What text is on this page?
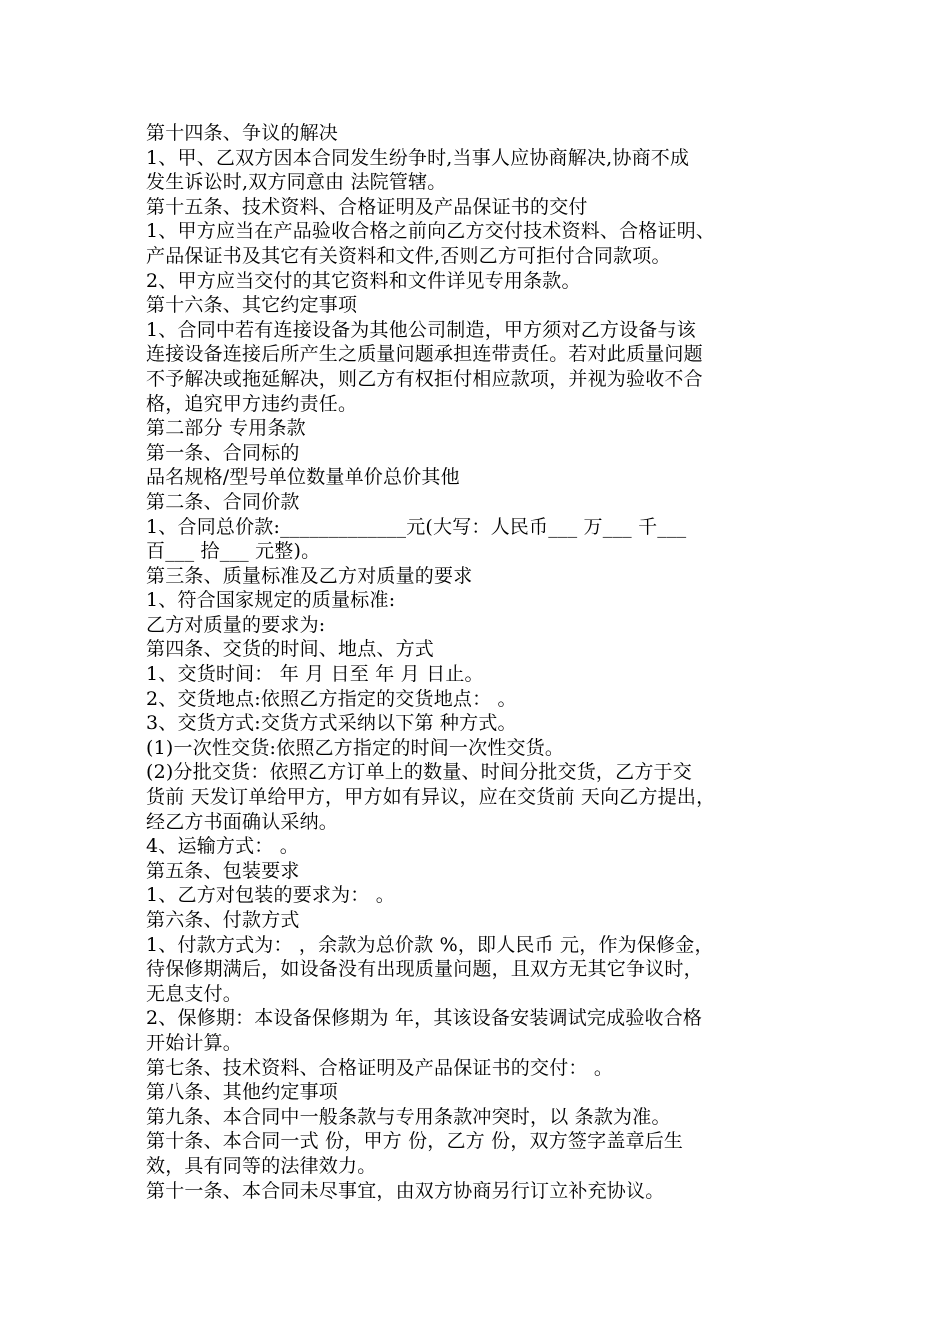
第十四条、争议的解决
1、甲、乙双方因本合同发生纷争时,当事人应协商解决,协商不成
发生诉讼时,双方同意由 法院管辖。
第十五条、技术资料、合格证明及产品保证书的交付
1、甲方应当在产品验收合格之前向乙方交付技术资料、合格证明、
产品保证书及其它有关资料和文件,否则乙方可拒付合同款项。
2、甲方应当交付的其它资料和文件详见专用条款。
第十六条、其它约定事项
1、合同中若有连接设备为其他公司制造，甲方须对乙方设备与该
连接设备连接后所产生之质量问题承担连带责任。若对此质量问题
不予解决或拖延解决，则乙方有权拒付相应款项，并视为验收不合
格，追究甲方违约责任。
第二部分 专用条款
第一条、合同标的
品名规格/型号单位数量单价总价其他
第二条、合同价款
1、合同总价款:_____________元(大写：人民币___ 万___ 千___
百___ 拾___ 元整)。
第三条、质量标准及乙方对质量的要求
1、符合国家规定的质量标准:
乙方对质量的要求为:
第四条、交货的时间、地点、方式
1、交货时间： 年 月 日至 年 月 日止。
2、交货地点:依照乙方指定的交货地点： 。
3、交货方式:交货方式采纳以下第 种方式。
(1)一次性交货:依照乙方指定的时间一次性交货。
(2)分批交货：依照乙方订单上的数量、时间分批交货，乙方于交
货前 天发订单给甲方，甲方如有异议，应在交货前 天向乙方提出，
经乙方书面确认采纳。
4、运输方式： 。
第五条、包装要求
1、乙方对包装的要求为： 。
第六条、付款方式
1、付款方式为： ，余款为总价款 %，即人民币 元，作为保修金，
待保修期满后，如设备没有出现质量问题，且双方无其它争议时，
无息支付。
2、保修期：本设备保修期为 年，其该设备安装调试完成验收合格
开始计算。
第七条、技术资料、合格证明及产品保证书的交付： 。
第八条、其他约定事项
第九条、本合同中一般条款与专用条款冲突时，以 条款为准。
第十条、本合同一式 份，甲方 份，乙方 份，双方签字盖章后生
效，具有同等的法律效力。
第十一条、本合同未尽事宜，由双方协商另行订立补充协议。
